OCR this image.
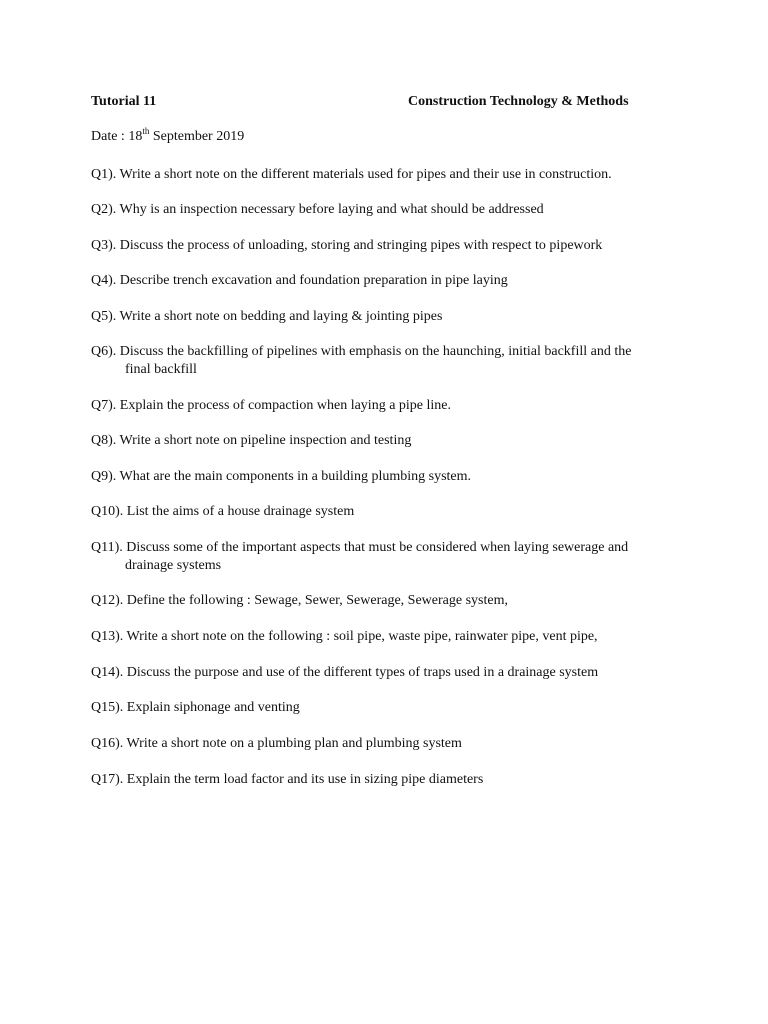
Tutorial 11	Construction Technology & Methods
Date : 18th September 2019
Q1). Write a short note on the different materials used for pipes and their use in construction.
Q2). Why is an inspection necessary before laying and what should be addressed
Q3). Discuss the process of unloading, storing and stringing pipes with respect to pipework
Q4). Describe trench excavation and foundation preparation in pipe laying
Q5). Write a short note on bedding and laying & jointing pipes
Q6). Discuss the backfilling of pipelines with emphasis on the haunching, initial backfill and the
final backfill
Q7). Explain the process of compaction when laying a pipe line.
Q8). Write a short note on pipeline inspection and testing
Q9). What are the main components in a building plumbing system.
Q10). List the aims of a house drainage system
Q11). Discuss some of the important aspects that must be considered when laying sewerage and
drainage systems
Q12). Define the following : Sewage, Sewer, Sewerage, Sewerage system,
Q13). Write a short note on the following : soil pipe, waste pipe, rainwater pipe, vent pipe,
Q14). Discuss the purpose and use of the different types of traps used in a drainage system
Q15). Explain siphonage and venting
Q16). Write a short note on a plumbing plan and plumbing system
Q17). Explain the term load factor and its use in sizing pipe diameters
